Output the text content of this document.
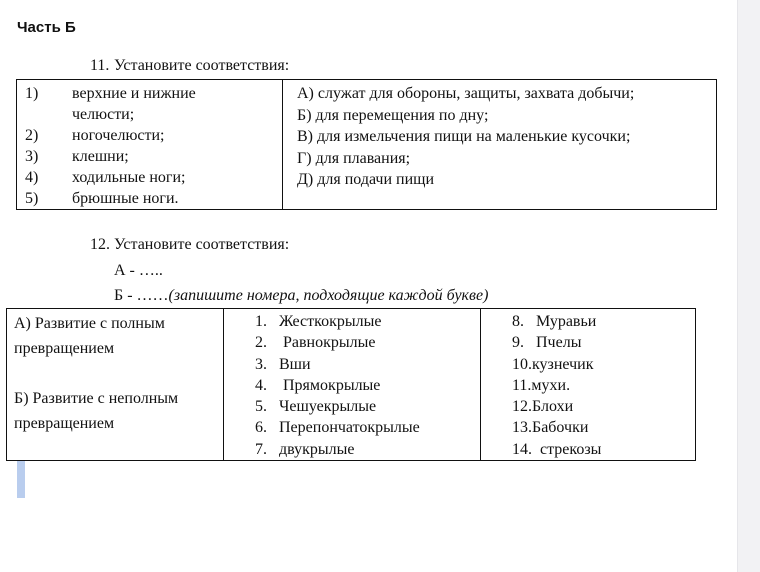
Часть Б
11. Установите соответствия:
1) верхние и нижние челюсти;
2) ногочелюсти;
3) клешни;
4) ходильные ноги;
5) брюшные ноги.

А) служат для обороны, защиты, захвата добычи;
Б) для перемещения по дну;
В) для измельчения пищи на маленькие кусочки;
Г) для плавания;
Д) для подачи пищи
12. Установите соответствия:
А - …..
Б - ……(запишите номера, подходящие каждой букве)
А) Развитие с полным превращением
Б) Развитие с неполным превращением

1. Жесткокрылые
2. Равнокрылые
3. Вши
4. Прямокрылые
5. Чешуекрылые
6. Перепончатокрылые
7. двукрылые

8. Муравьи
9. Пчелы
10.кузнечик
11.мухи.
12.Блохи
13.Бабочки
14. стрекозы
